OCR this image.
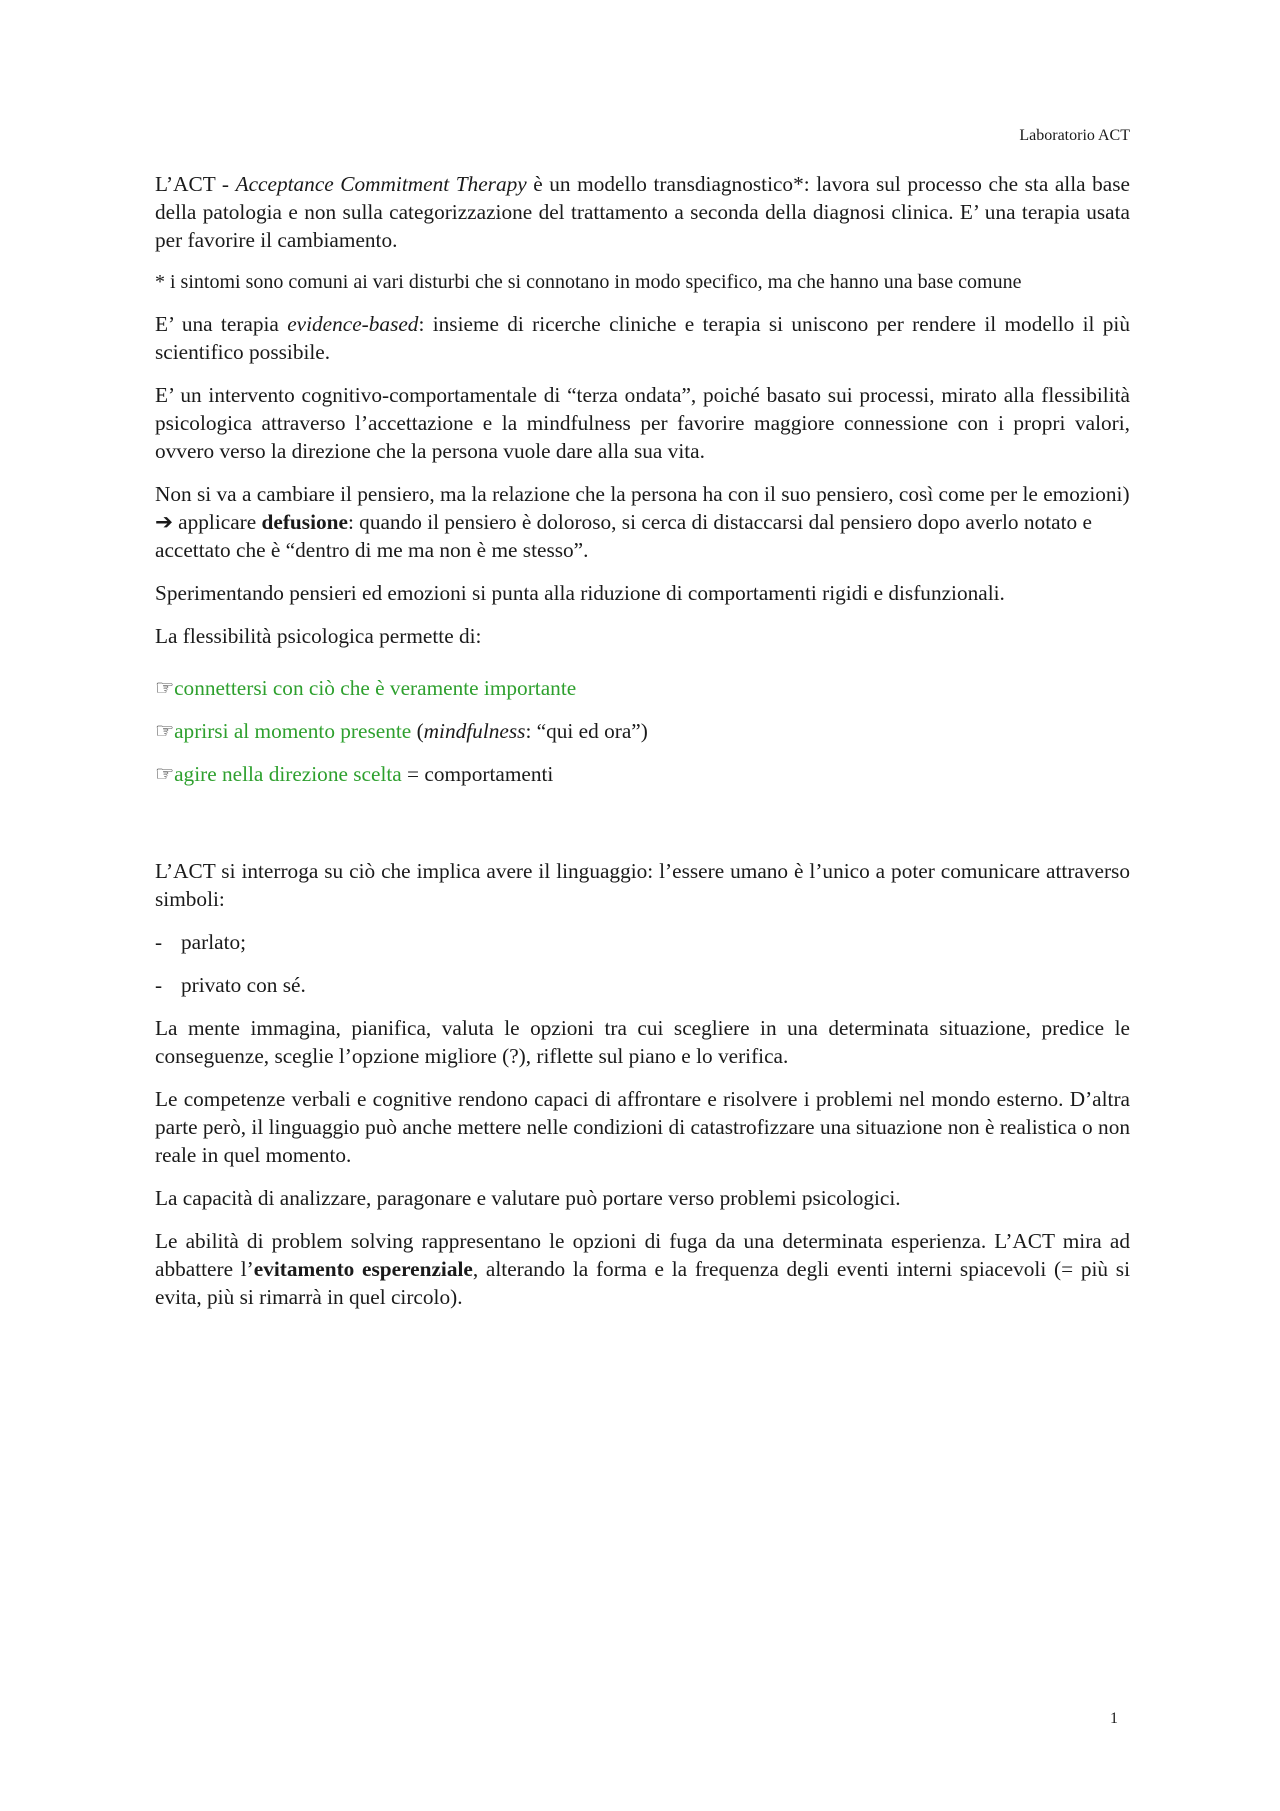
Laboratorio ACT

L’ACT - Acceptance Commitment Therapy è un modello transdiagnostico*: lavora sul processo che sta alla base della patologia e non sulla categorizzazione del trattamento a seconda della diagnosi clinica. E’ una terapia usata per favorire il cambiamento.

* i sintomi sono comuni ai vari disturbi che si connotano in modo specifico, ma che hanno una base comune

E’ una terapia evidence-based: insieme di ricerche cliniche e terapia si uniscono per rendere il modello il più scientifico possibile.

E’ un intervento cognitivo-comportamentale di “terza ondata”, poiché basato sui processi, mirato alla flessibilità psicologica attraverso l’accettazione e la mindfulness per favorire maggiore connessione con i propri valori, ovvero verso la direzione che la persona vuole dare alla sua vita.

Non si va a cambiare il pensiero, ma la relazione che la persona ha con il suo pensiero, così come per le emozioni) ➔ applicare defusione: quando il pensiero è doloroso, si cerca di distaccarsi dal pensiero dopo averlo notato e accettato che è “dentro di me ma non è me stesso”.

Sperimentando pensieri ed emozioni si punta alla riduzione di comportamenti rigidi e disfunzionali.

La flessibilità psicologica permette di:

☞connettersi con ciò che è veramente importante

☞aprirsi al momento presente (mindfulness: “qui ed ora”)

☞agire nella direzione scelta = comportamenti

L’ACT si interroga su ciò che implica avere il linguaggio: l’essere umano è l’unico a poter comunicare attraverso simboli:

- parlato;

- privato con sé.

La mente immagina, pianifica, valuta le opzioni tra cui scegliere in una determinata situazione, predice le conseguenze, sceglie l’opzione migliore (?), riflette sul piano e lo verifica.

Le competenze verbali e cognitive rendono capaci di affrontare e risolvere i problemi nel mondo esterno. D’altra parte però, il linguaggio può anche mettere nelle condizioni di catastrofizzare una situazione non è realistica o non reale in quel momento.

La capacità di analizzare, paragonare e valutare può portare verso problemi psicologici.

Le abilità di problem solving rappresentano le opzioni di fuga da una determinata esperienza. L’ACT mira ad abbattere l’evitamento esperenziale, alterando la forma e la frequenza degli eventi interni spiacevoli (= più si evita, più si rimarrà in quel circolo).

1
